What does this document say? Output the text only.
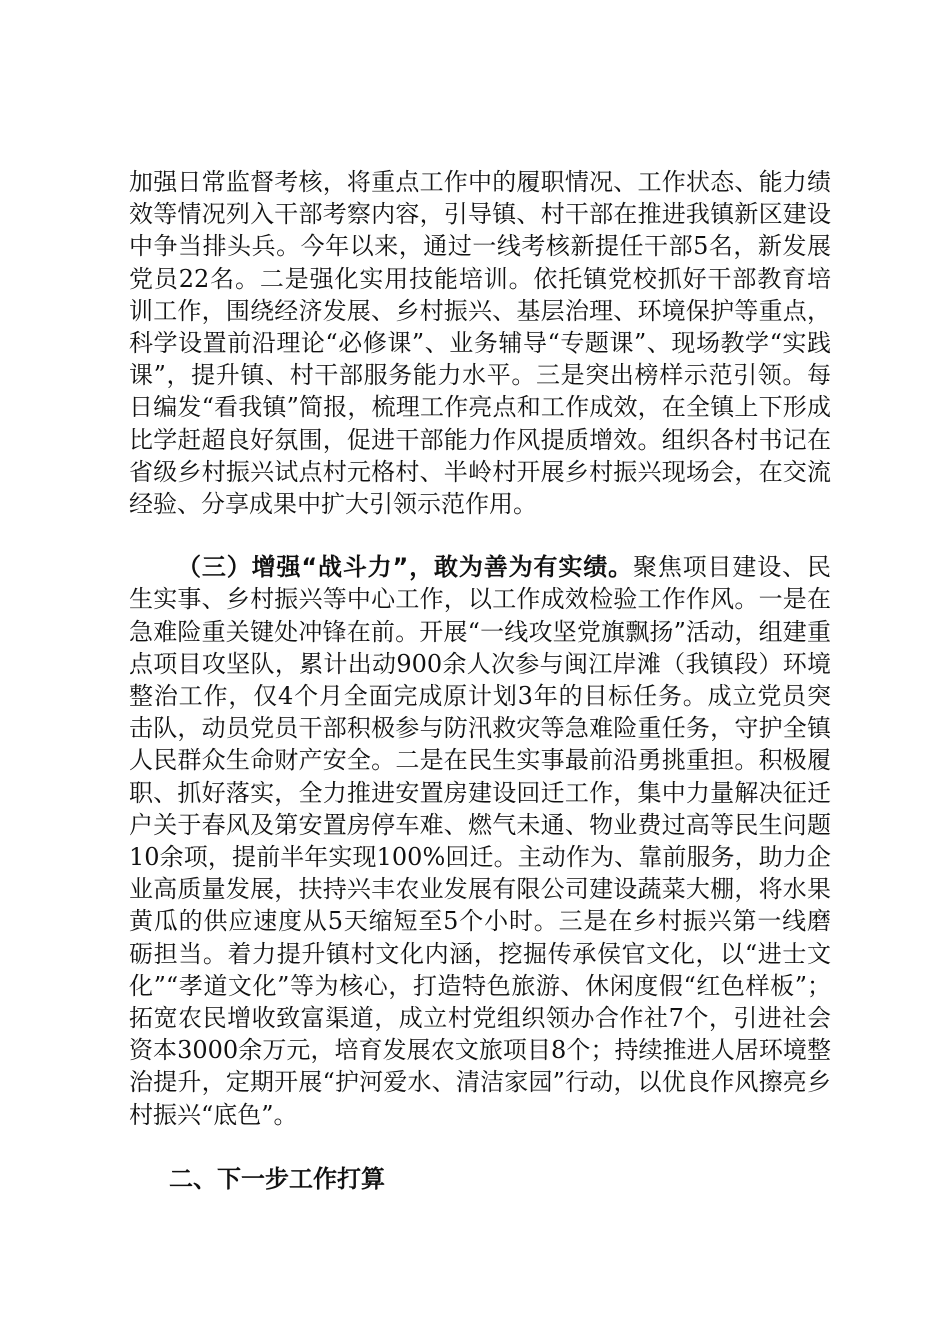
加强日常监督考核，将重点工作中的履职情况、工作状态、能力绩效等情况列入干部考察内容，引导镇、村干部在推进我镇新区建设中争当排头兵。今年以来，通过一线考核新提任干部5名，新发展党员22名。二是强化实用技能培训。依托镇党校抓好干部教育培训工作，围绕经济发展、乡村振兴、基层治理、环境保护等重点，科学设置前沿理论“必修课”、业务辅导“专题课”、现场教学“实践课”，提升镇、村干部服务能力水平。三是突出榜样示范引领。每日编发“看我镇”简报，梳理工作亮点和工作成效，在全镇上下形成比学赶超良好氛围，促进干部能力作风提质增效。组织各村书记在省级乡村振兴试点村元格村、半岭村开展乡村振兴现场会，在交流经验、分享成果中扩大引领示范作用。

（三）增强“战斗力”，敢为善为有实绩。聚焦项目建设、民生实事、乡村振兴等中心工作，以工作成效检验工作作风。一是在急难险重关键处冲锋在前。开展“一线攻坚党旗飘扬”活动，组建重点项目攻坚队，累计出动900余人次参与闽江岸滩（我镇段）环境整治工作，仅4个月全面完成原计划3年的目标任务。成立党员突击队，动员党员干部积极参与防汛救灾等急难险重任务，守护全镇人民群众生命财产安全。二是在民生实事最前沿勇挑重担。积极履职、抓好落实，全力推进安置房建设回迁工作，集中力量解决征迁户关于春风及第安置房停车难、燃气未通、物业费过高等民生问题10余项，提前半年实现100%回迁。主动作为、靠前服务，助力企业高质量发展，扶持兴丰农业发展有限公司建设蔬菜大棚，将水果黄瓜的供应速度从5天缩短至5个小时。三是在乡村振兴第一线磨砺担当。着力提升镇村文化内涵，挖掘传承侯官文化，以“进士文化”“孝道文化”等为核心，打造特色旅游、休闲度假“红色样板”；拓宽农民增收致富渠道，成立村党组织领办合作社7个，引进社会资本3000余万元，培育发展农文旅项目8个；持续推进人居环境整治提升，定期开展“护河爱水、清洁家园”行动，以优良作风擦亮乡村振兴“底色”。

二、下一步工作打算
